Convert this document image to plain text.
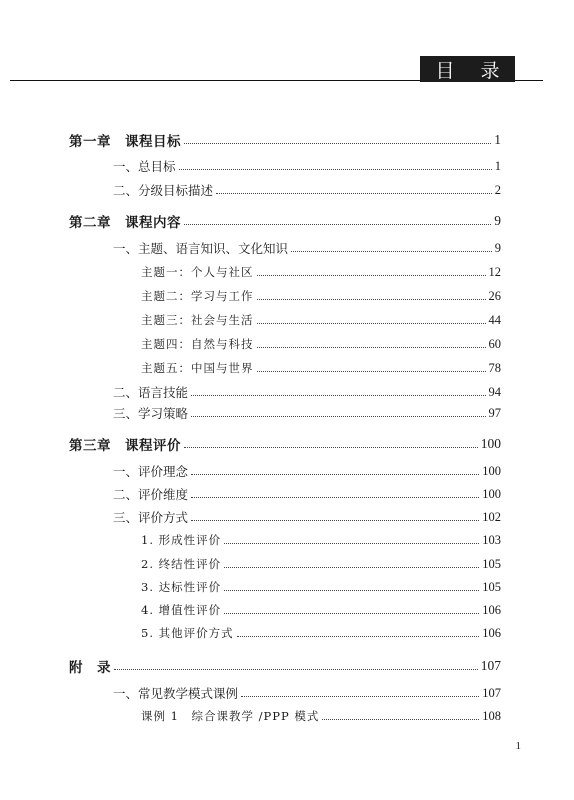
目 录
第一章　课程目标	1
一、总目标	1
二、分级目标描述	2
第二章　课程内容	9
一、主题、语言知识、文化知识	9
主题一：个人与社区	12
主题二：学习与工作	26
主题三：社会与生活	44
主题四：自然与科技	60
主题五：中国与世界	78
二、语言技能	94
三、学习策略	97
第三章　课程评价	100
一、评价理念	100
二、评价维度	100
三、评价方式	102
1. 形成性评价	103
2. 终结性评价	105
3. 达标性评价	105
4. 增值性评价	106
5. 其他评价方式	106
附　录	107
一、常见教学模式课例	107
课例 1　综合课教学 /PPP 模式	108
1
